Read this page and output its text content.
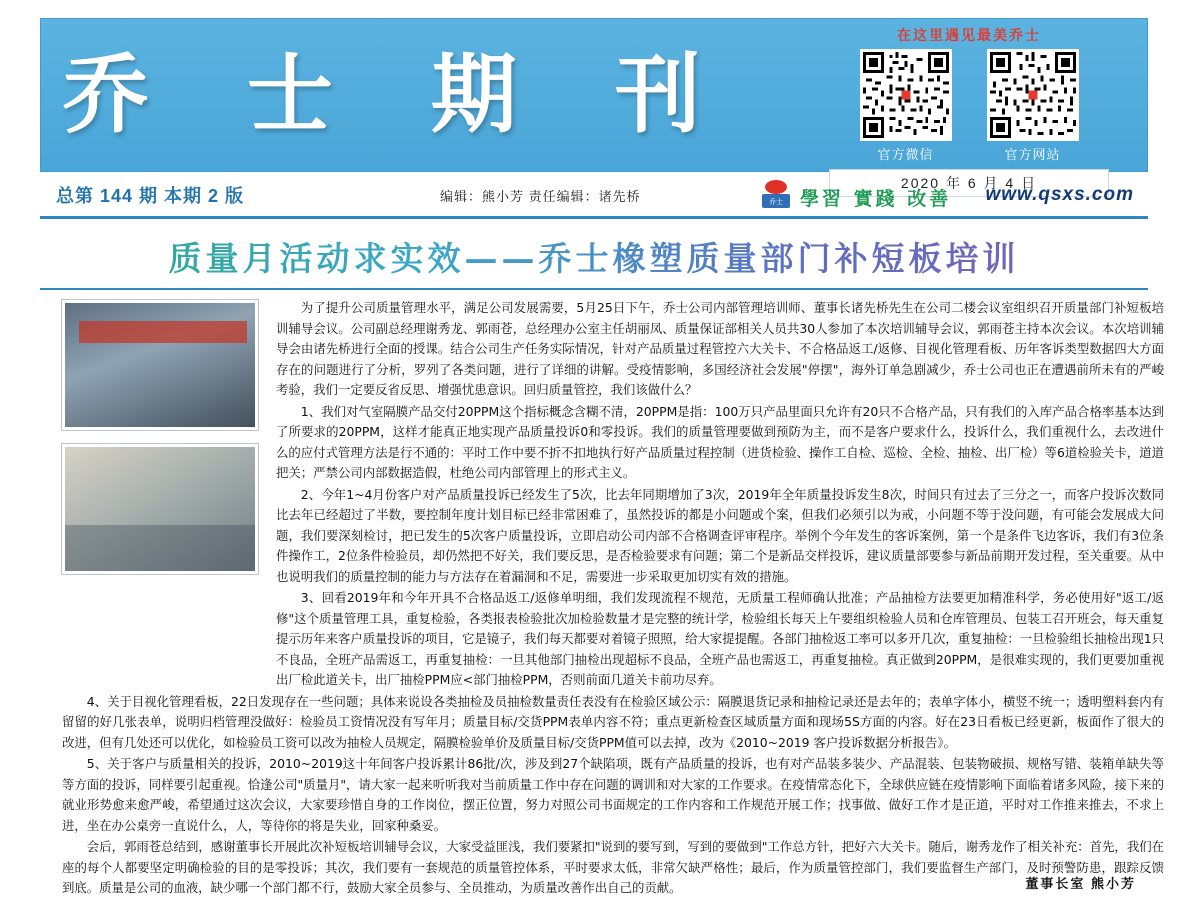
乔 士 期 刊
在这里遇见最美乔士
官方微信	官方网站
2020 年 6 月 4 日
总第 144 期 本期 2 版	编辑：熊小芳 责任编辑：诸先桥	乔士 學習 實踐 改善 www.qsxs.com
质量月活动求实效——乔士橡塑质量部门补短板培训

为了提升公司质量管理水平，满足公司发展需要，5月25日下午，乔士公司内部管理培训师、董事长诸先桥先生在公司二楼会议室组织召开质量部门补短板培训辅导会议。公司副总经理谢秀龙、郭雨苍，总经理办公室主任胡丽凤、质量保证部相关人员共30人参加了本次培训辅导会议，郭雨苍主持本次会议。本次培训辅导会由诸先桥进行全面的授课。结合公司生产任务实际情况，针对产品质量过程管控六大关卡、不合格品返工/返修、目视化管理看板、历年客诉类型数据四大方面存在的问题进行了分析，罗列了各类问题，进行了详细的讲解。受疫情影响，多国经济社会发展"停摆"，海外订单急剧减少，乔士公司也正在遭遇前所未有的严峻考验，我们一定要反省反思、增强忧患意识。回归质量管控，我们该做什么？

1、我们对气室隔膜产品交付20PPM这个指标概念含糊不清，20PPM是指：100万只产品里面只允许有20只不合格产品，只有我们的入库产品合格率基本达到了所要求的20PPM，这样才能真正地实现产品质量投诉0和零投诉。我们的质量管理要做到预防为主，而不是客户要求什么，投诉什么，我们重视什么，去改进什么的应付式管理方法是行不通的：平时工作中要不折不扣地执行好产品质量过程控制（进货检验、操作工自检、巡检、全检、抽检、出厂检）等6道检验关卡，道道把关；严禁公司内部数据造假，杜绝公司内部管理上的形式主义。

2、今年1~4月份客户对产品质量投诉已经发生了5次，比去年同期增加了3次，2019年全年质量投诉发生8次，时间只有过去了三分之一，而客户投诉次数同比去年已经超过了半数，要控制年度计划目标已经非常困难了，虽然投诉的都是小问题或个案，但我们必须引以为戒，小问题不等于没问题，有可能会发展成大问题，我们要深刻检讨，把已发生的5次客户质量投诉，立即启动公司内部不合格调查评审程序。举例个今年发生的客诉案例，第一个是条件飞边客诉，我们有3位条件操作工，2位条件检验员，却仍然把不好关，我们要反思，是否检验要求有问题；第二个是新品交样投诉，建议质量部要参与新品前期开发过程，至关重要。从中也说明我们的质量控制的能力与方法存在着漏洞和不足，需要进一步采取更加切实有效的措施。

3、回看2019年和今年开具不合格品返工/返修单明细，我们发现流程不规范，无质量工程师确认批准；产品抽检方法要更加精准科学，务必使用好"返工/返修"这个质量管理工具，重复检验，各类报表检验批次加检验数量才是完整的统计学，检验组长每天上午要组织检验人员和仓库管理员、包装工召开班会，每天重复提示历年来客户质量投诉的项目，它是镜子，我们每天都要对着镜子照照，给大家提提醒。各部门抽检返工率可以多开几次，重复抽检：一旦检验组长抽检出现1只不良品，全班产品需返工，再重复抽检：一旦其他部门抽检出现超标不良品，全班产品也需返工，再重复抽检。真正做到20PPM，是很难实现的，我们更要加重视出厂检此道关卡，出厂抽检PPM应<部门抽检PPM，否则前面几道关卡前功尽弃。

4、关于目视化管理看板，22日发现存在一些问题；具体来说设各类抽检及员抽检数量责任表没有在检验区域公示：隔膜退货记录和抽检记录还是去年的；表单字体小，横竖不统一；透明塑料套内有留留的好几张表单，说明归档管理没做好：检验员工资情况没有写年月；质量目标/交货PPM表单内容不符；重点更新检查区域质量方面和现场5S方面的内容。好在23日看板已经更新，板面作了很大的改进，但有几处还可以优化，如检验员工资可以改为抽检人员规定，隔膜检验单价及质量目标/交货PPM值可以去掉，改为《2010~2019 客户投诉数据分析报告》。

5、关于客户与质量相关的投诉，2010~2019这十年间客户投诉累计86批/次，涉及到27个缺陷项，既有产品质量的投诉，也有对产品装多装少、产品混装、包装物破损、规格写错、装箱单缺失等等方面的投诉，同样要引起重视。恰逢公司"质量月"，请大家一起来听听我对当前质量工作中存在问题的调训和对大家的工作要求。在疫情常态化下，全球供应链在疫情影响下面临着诸多风险，接下来的就业形势愈来愈严峻，希望通过这次会议，大家要珍惜自身的工作岗位，摆正位置，努力对照公司书面规定的工作内容和工作规范开展工作；找事做、做好工作才是正道，平时对工作推来推去，不求上进，坐在办公桌旁一直说什么，人，等待你的将是失业，回家种桑妥。

会后，郭雨苍总结到，感谢董事长开展此次补短板培训辅导会议，大家受益匪浅，我们要紧扣"说到的要写到，写到的要做到"工作总方针，把好六大关卡。随后，谢秀龙作了相关补充：首先，我们在座的每个人都要坚定明确检验的目的是零投诉；其次，我们要有一套规范的质量管控体系，平时要求太低，非常欠缺严格性；最后，作为质量管控部门，我们要监督生产部门，及时预警防患，跟踪反馈到底。质量是公司的血液，缺少哪一个部门都不行，鼓励大家全员参与、全员推动，为质量改善作出自己的贡献。	董事长室 熊小芳
